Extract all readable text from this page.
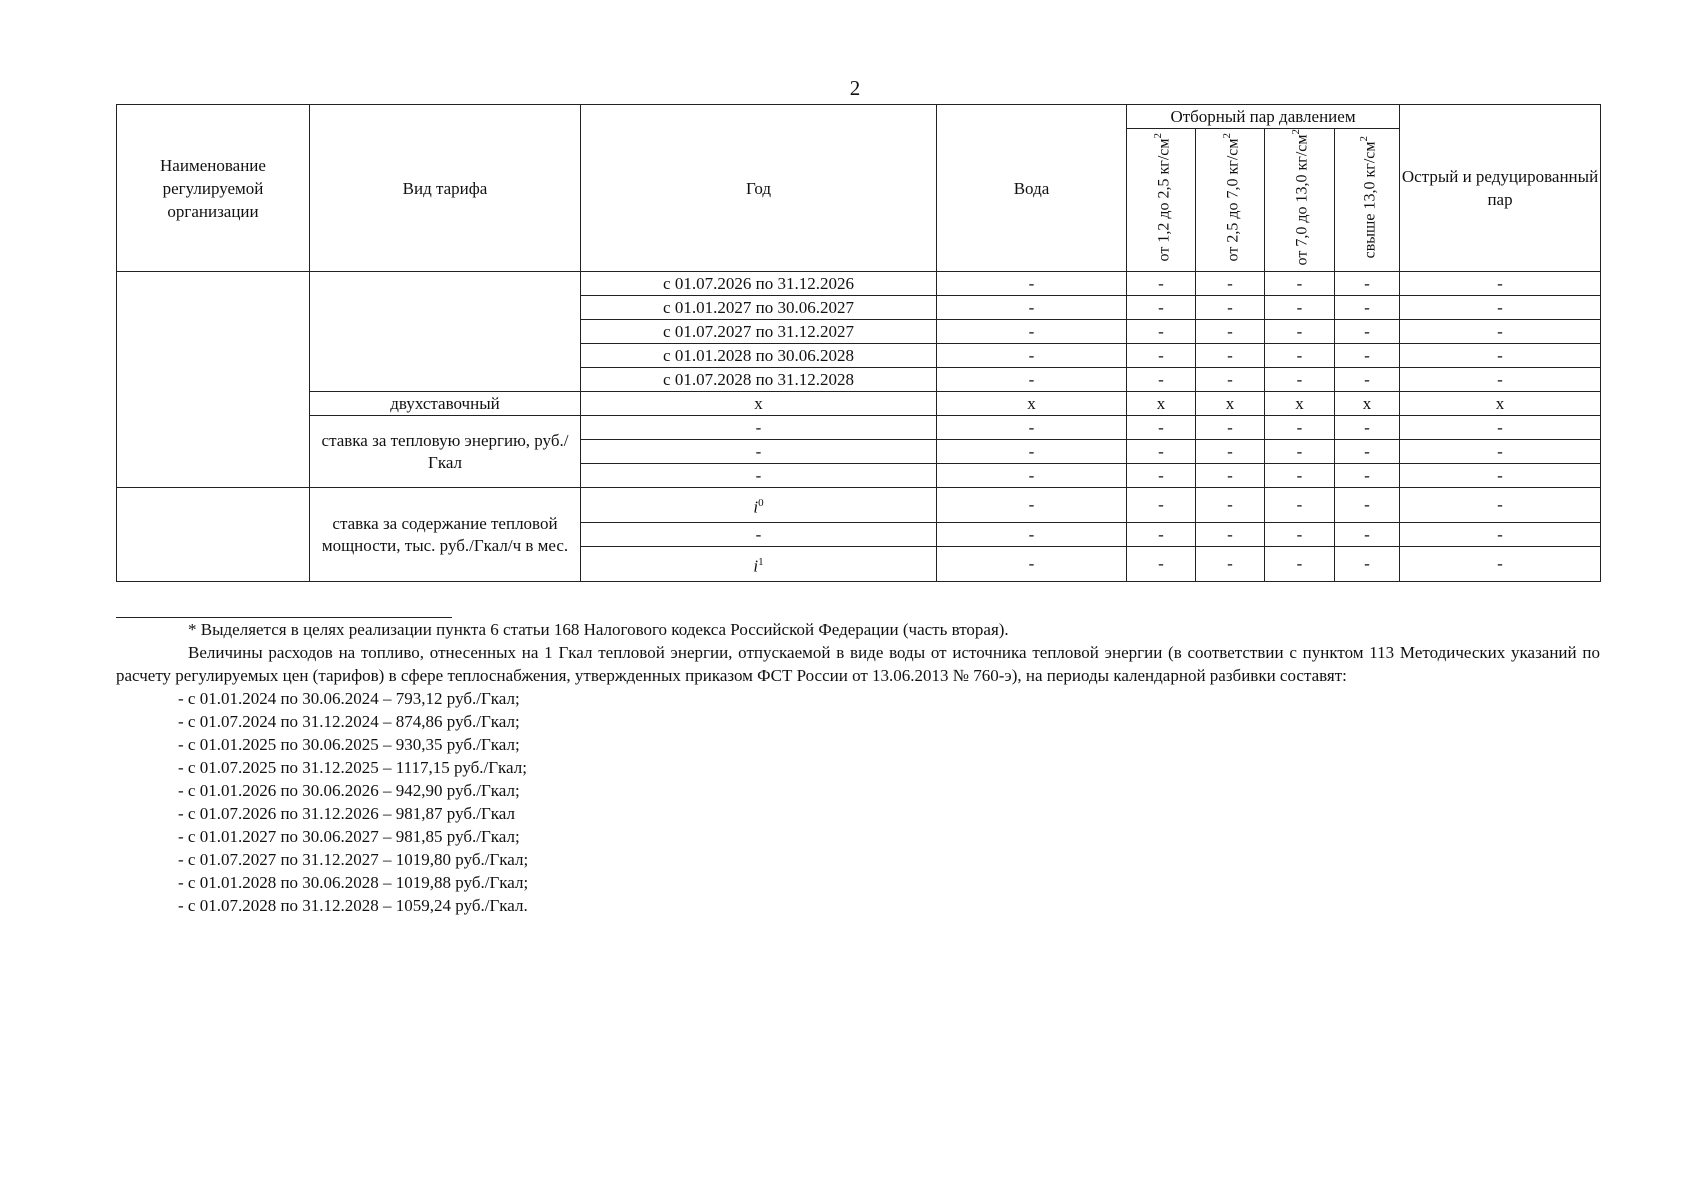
2
Наименование регулируемой организации	Вид тарифа	Год	Вода	Отборный пар давлением				Острый и редуцированный пар
				от 1,2 до 2,5 $кг/см^2$	от 2,5 до 7,0 $кг/см^2$	от 7,0 до 13,0 $кг/см^2$	свыше 13,0 $кг/см^2$
		с 01.07.2026 по 31.12.2026	-	-	-	-	-	-
		с 01.01.2027 по 30.06.2027	-	-	-	-	-	-
		с 01.07.2027 по 31.12.2027	-	-	-	-	-	-
		с 01.01.2028 по 30.06.2028	-	-	-	-	-	-
		с 01.07.2028 по 31.12.2028	-	-	-	-	-	-
	двухставочный	х	х	х	х	х	х	х
	ставка за тепловую энергию, руб./Гкал	-	-	-	-	-	-	-
		-	-	-	-	-	-	-
		-	-	-	-	-	-	-
	ставка за содержание тепловой мощности, тыс. руб./Гкал/ч в мес.	$i^0$	-	-	-	-	-	-
		-	-	-	-	-	-	-
		$i^1$	-	-	-	-	-	-

* Выделяется в целях реализации пункта 6 статьи 168 Налогового кодекса Российской Федерации (часть вторая).

Величины расходов на топливо, отнесенных на 1 Гкал тепловой энергии, отпускаемой в виде воды от источника тепловой энергии (в соответствии с пунктом 113 Методических указаний по расчету регулируемых цен (тарифов) в сфере теплоснабжения, утвержденных приказом ФСТ России от 13.06.2013 № 760-э), на периоды календарной разбивки составят:

- с 01.01.2024 по 30.06.2024 – 793,12 руб./Гкал;
- с 01.07.2024 по 31.12.2024 – 874,86 руб./Гкал;
- с 01.01.2025 по 30.06.2025 – 930,35 руб./Гкал;
- с 01.07.2025 по 31.12.2025 – 1117,15 руб./Гкал;
- с 01.01.2026 по 30.06.2026 – 942,90 руб./Гкал;
- с 01.07.2026 по 31.12.2026 – 981,87 руб./Гкал
- с 01.01.2027 по 30.06.2027 – 981,85 руб./Гкал;
- с 01.07.2027 по 31.12.2027 – 1019,80 руб./Гкал;
- с 01.01.2028 по 30.06.2028 – 1019,88 руб./Гкал;
- с 01.07.2028 по 31.12.2028 – 1059,24 руб./Гкал.
